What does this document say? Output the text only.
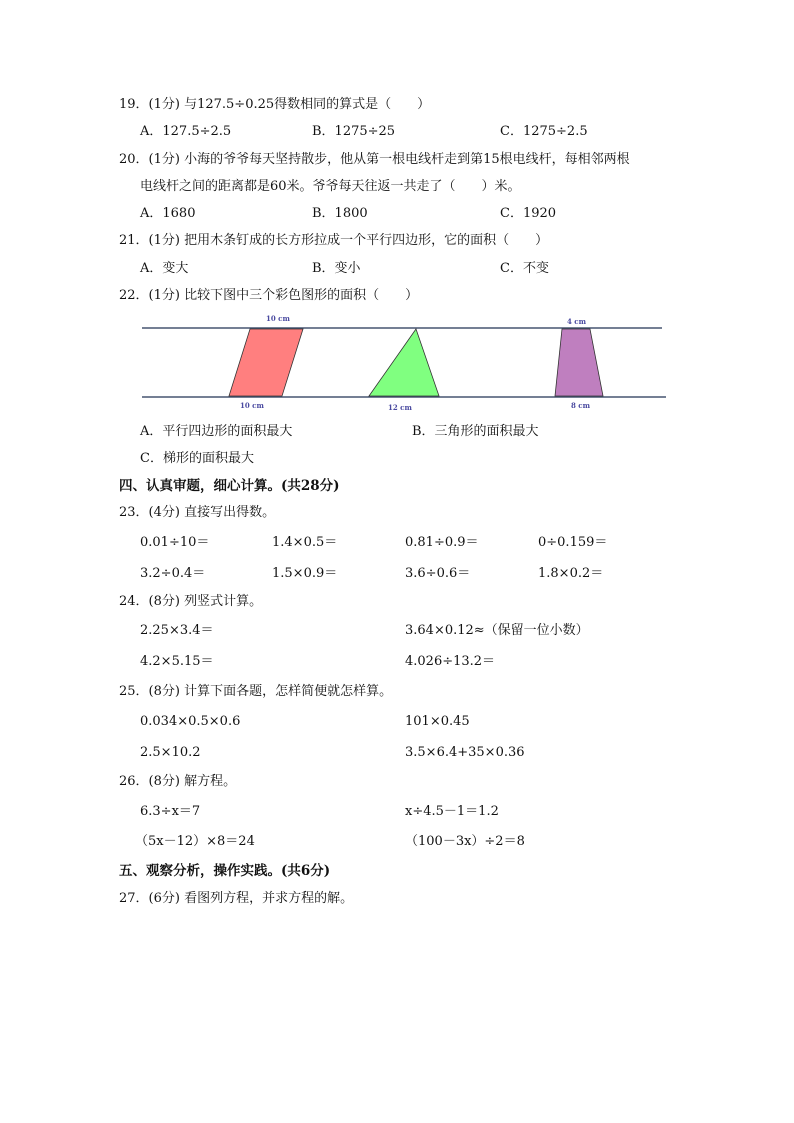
19．(1分) 与127.5÷0.25得数相同的算式是（　　）
A．127.5÷2.5	B．1275÷25	C．1275÷2.5
20．(1分) 小海的爷爷每天坚持散步，他从第一根电线杆走到第15根电线杆，每相邻两根
电线杆之间的距离都是60米。爷爷每天往返一共走了（　　）米。
A．1680	B．1800	C．1920
21．(1分) 把用木条钉成的长方形拉成一个平行四边形，它的面积（　　）
A．变大	B．变小	C．不变
22．(1分) 比较下图中三个彩色图形的面积（　　）
10 cm
10 cm	12 cm
4 cm
8 cm
A．平行四边形的面积最大	B．三角形的面积最大
C．梯形的面积最大
四、认真审题，细心计算。(共28分)
23．(4分) 直接写出得数。
0.01÷10＝	1.4×0.5＝	0.81÷0.9＝	0÷0.159＝
3.2÷0.4＝	1.5×0.9＝	3.6÷0.6＝	1.8×0.2＝
24．(8分) 列竖式计算。
2.25×3.4＝	3.64×0.12≈（保留一位小数）
4.2×5.15＝	4.026÷13.2＝
25．(8分) 计算下面各题，怎样简便就怎样算。
0.034×0.5×0.6	101×0.45
2.5×10.2	3.5×6.4+35×0.36
26．(8分) 解方程。
6.3÷x＝7	x÷4.5－1＝1.2
（5x－12）×8＝24	（100－3x）÷2＝8
五、观察分析，操作实践。(共6分)
27．(6分) 看图列方程，并求方程的解。
